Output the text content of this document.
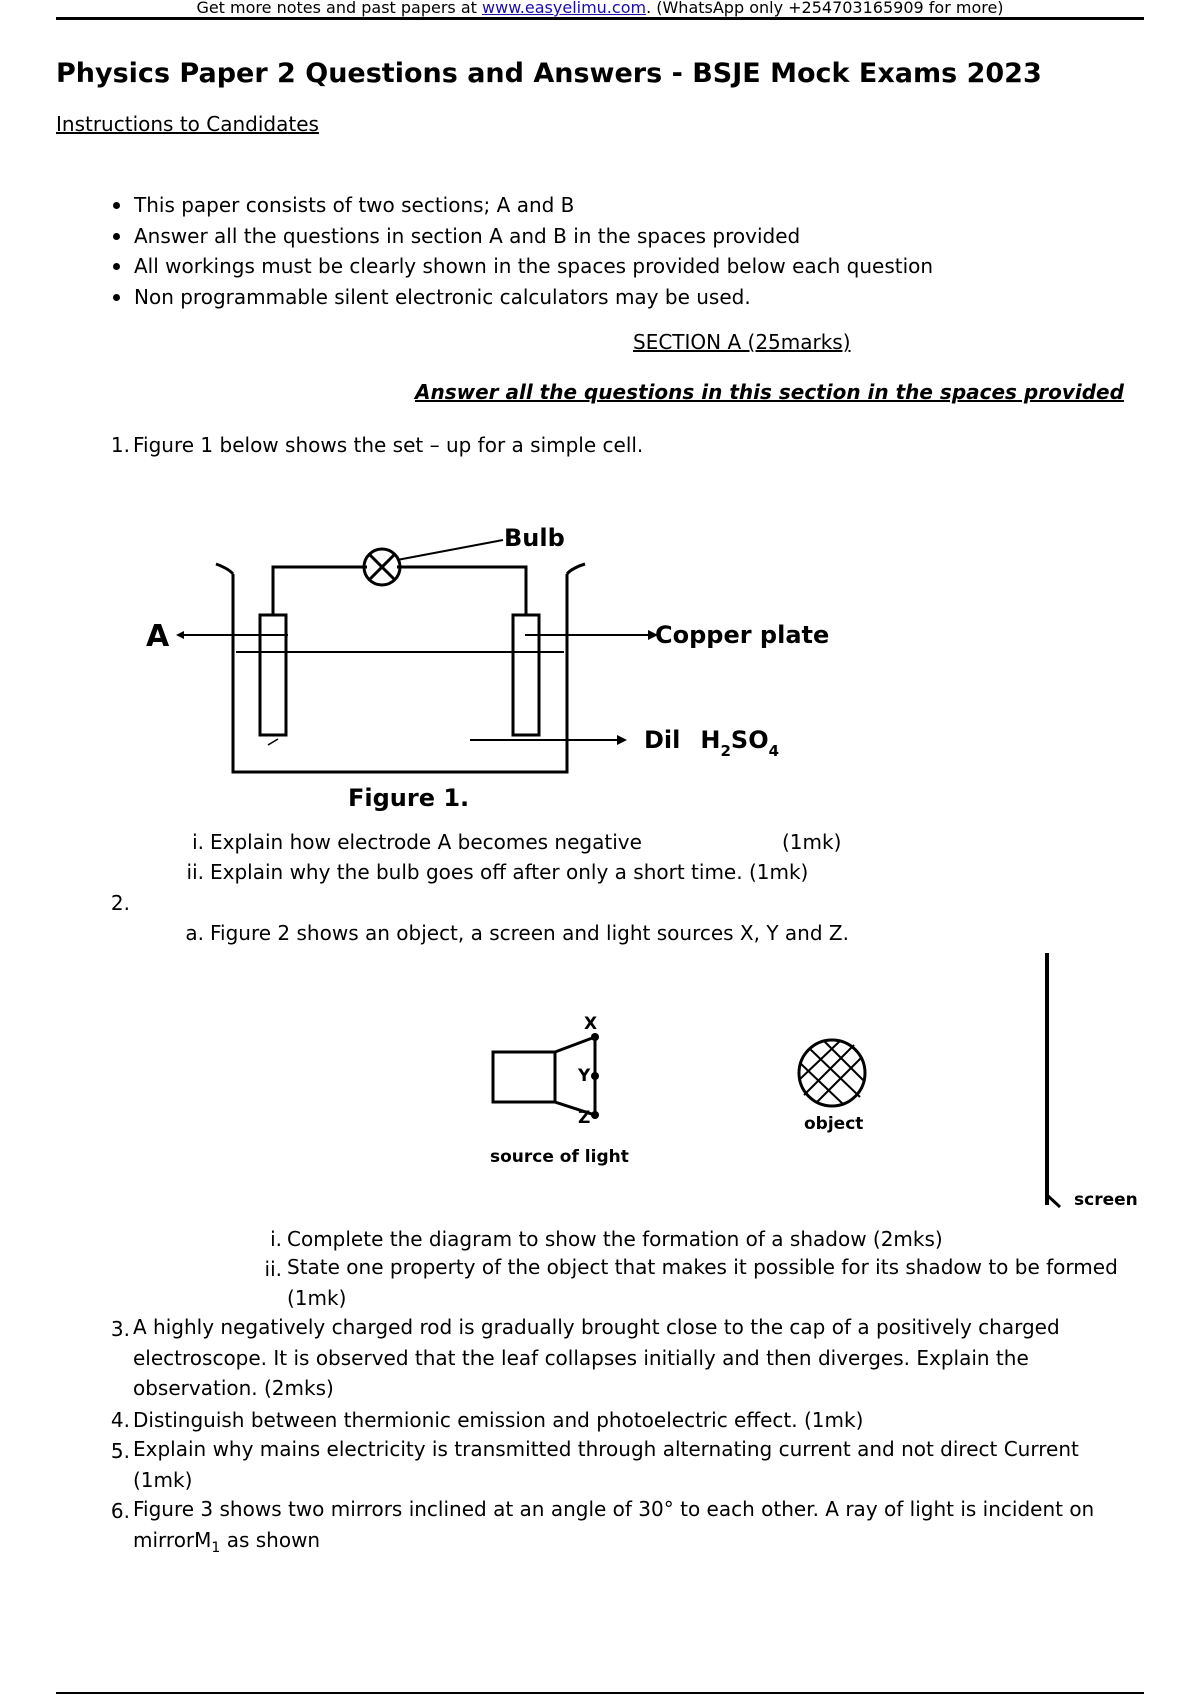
Get more notes and past papers at www.easyelimu.com. (WhatsApp only +254703165909 for more)
Physics Paper 2 Questions and Answers - BSJE Mock Exams 2023
Instructions to Candidates
This paper consists of two sections; A and B
Answer all the questions in section A and B in the spaces provided
All workings must be clearly shown in the spaces provided below each question
Non programmable silent electronic calculators may be used.
SECTION A (25marks)
Answer all the questions in this section in the spaces provided
1. Figure 1 below shows the set – up for a simple cell.
Bulb
A	Copper plate
Dil $H_2SO_4$
Figure 1.
i. Explain how electrode A becomes negative	(1mk)
ii. Explain why the bulb goes off after only a short time. (1mk)
2.
a. Figure 2 shows an object, a screen and light sources X, Y and Z.
X
Y
Z
source of light
object
screen
i. Complete the diagram to show the formation of a shadow (2mks)
ii. State one property of the object that makes it possible for its shadow to be formed
(1mk)
3. A highly negatively charged rod is gradually brought close to the cap of a positively charged
electroscope. It is observed that the leaf collapses initially and then diverges. Explain the
observation. (2mks)
4. Distinguish between thermionic emission and photoelectric effect. (1mk)
5. Explain why mains electricity is transmitted through alternating current and not direct Current
(1mk)
6. Figure 3 shows two mirrors inclined at an angle of 30° to each other. A ray of light is incident on
mirrorM$_1$ as shown
